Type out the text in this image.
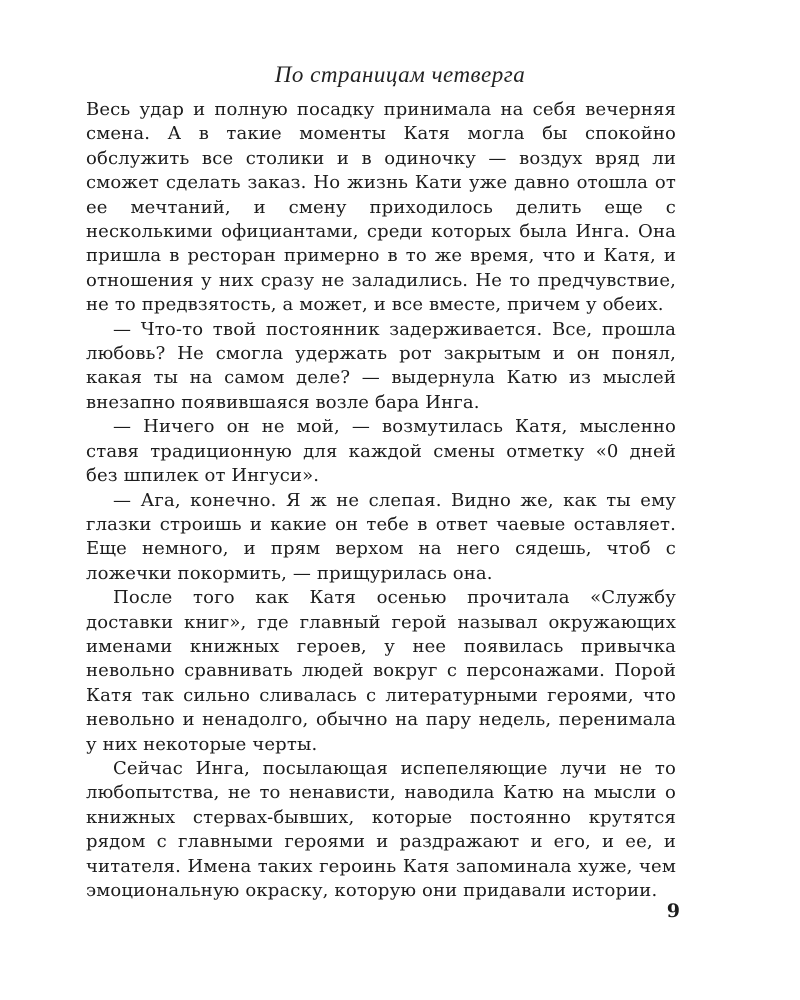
По страницам четверга

Весь удар и полную посадку принимала на себя вечерняя смена. А в такие моменты Катя могла бы спокойно обслужить все столики и в одиночку — воздух вряд ли сможет сделать заказ. Но жизнь Кати уже давно отошла от ее мечтаний, и смену приходилось делить еще с несколькими официантами, среди которых была Инга. Она пришла в ресторан примерно в то же время, что и Катя, и отношения у них сразу не заладились. Не то предчувствие, не то предвзятость, а может, и все вместе, причем у обеих.

— Что-то твой постоянник задерживается. Все, прошла любовь? Не смогла удержать рот закрытым и он понял, какая ты на самом деле? — выдернула Катю из мыслей внезапно появившаяся возле бара Инга.

— Ничего он не мой, — возмутилась Катя, мысленно ставя традиционную для каждой смены отметку «0 дней без шпилек от Ингуси».

— Ага, конечно. Я ж не слепая. Видно же, как ты ему глазки строишь и какие он тебе в ответ чаевые оставляет. Еще немного, и прям верхом на него сядешь, чтоб с ложечки покормить, — прищурилась она.

После того как Катя осенью прочитала «Службу доставки книг», где главный герой называл окружающих именами книжных героев, у нее появилась привычка невольно сравнивать людей вокруг с персонажами. Порой Катя так сильно сливалась с литературными героями, что невольно и ненадолго, обычно на пару недель, перенимала у них некоторые черты.

Сейчас Инга, посылающая испепеляющие лучи не то любопытства, не то ненависти, наводила Катю на мысли о книжных стервах-бывших, которые постоянно крутятся рядом с главными героями и раздражают и его, и ее, и читателя. Имена таких героинь Катя запоминала хуже, чем эмоциональную окраску, которую они придавали истории.

9
